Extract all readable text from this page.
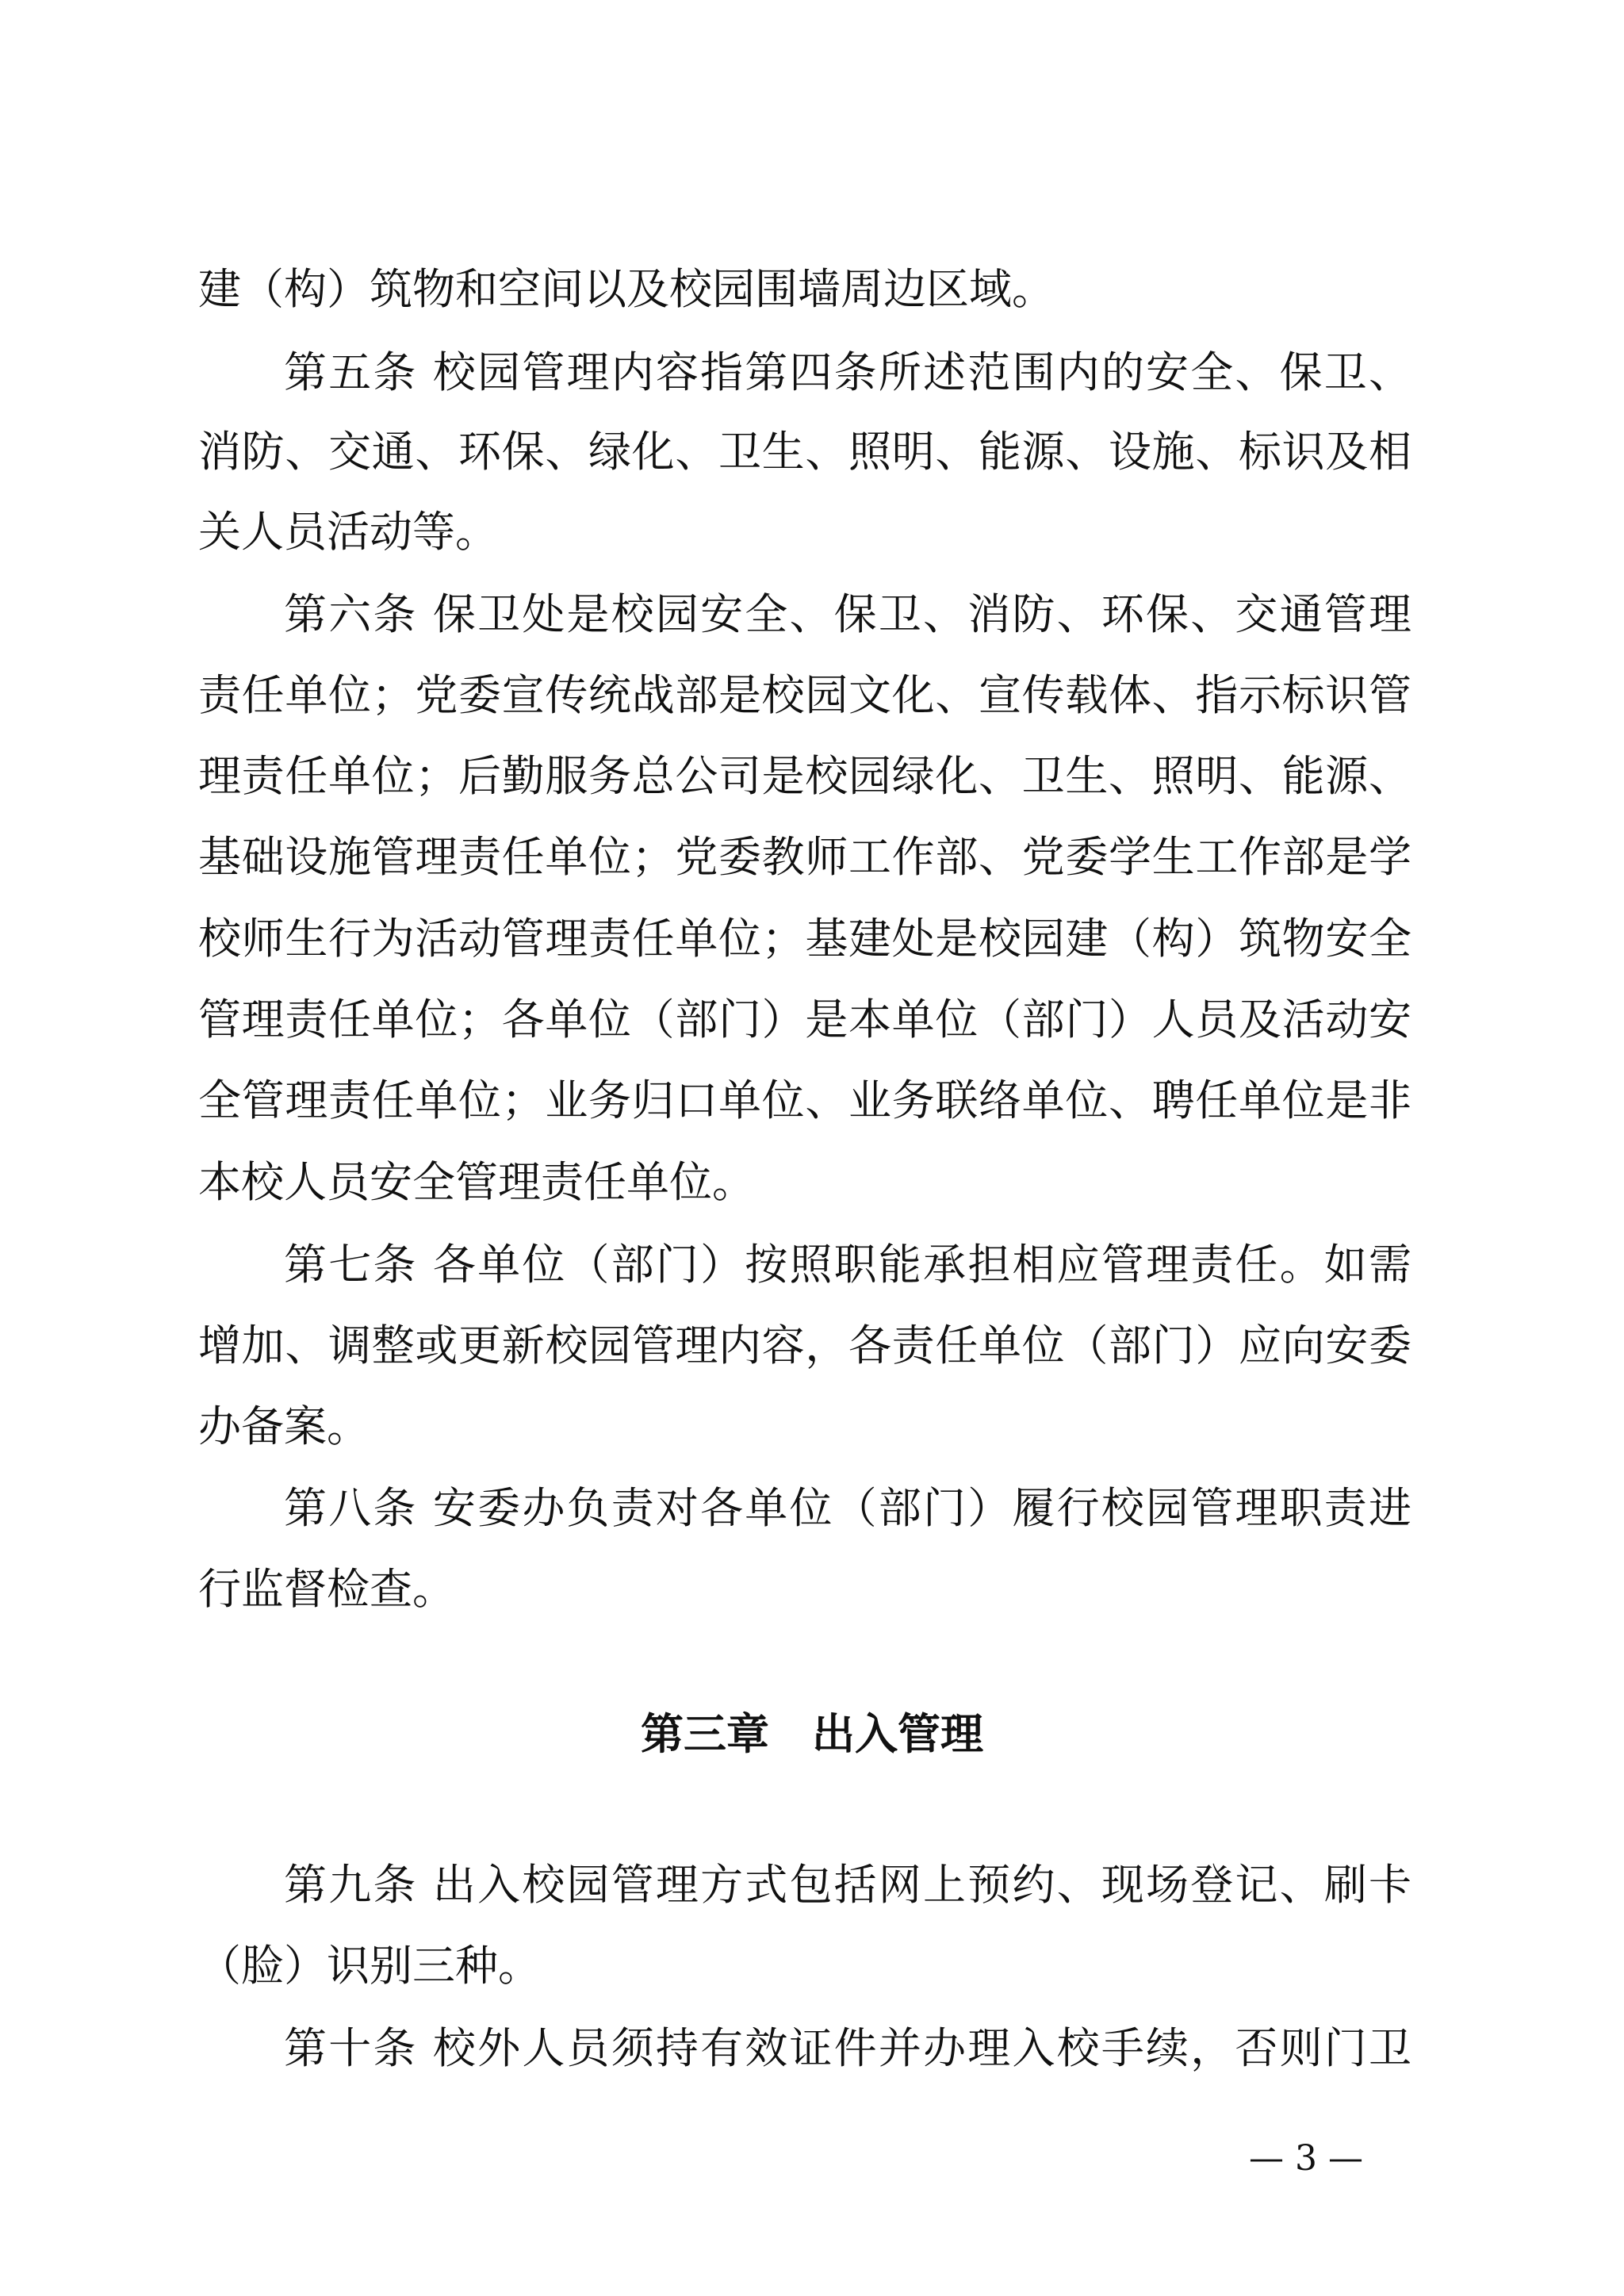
建（构）筑物和空间以及校园围墙周边区域。
第五条 校园管理内容指第四条所述范围内的安全、保卫、
消防、交通、环保、绿化、卫生、照明、能源、设施、标识及相
关人员活动等。
第六条 保卫处是校园安全、保卫、消防、环保、交通管理
责任单位；党委宣传统战部是校园文化、宣传载体、指示标识管
理责任单位；后勤服务总公司是校园绿化、卫生、照明、能源、
基础设施管理责任单位；党委教师工作部、党委学生工作部是学
校师生行为活动管理责任单位；基建处是校园建（构）筑物安全
管理责任单位；各单位（部门）是本单位（部门）人员及活动安
全管理责任单位；业务归口单位、业务联络单位、聘任单位是非
本校人员安全管理责任单位。
第七条 各单位（部门）按照职能承担相应管理责任。如需
增加、调整或更新校园管理内容，各责任单位（部门）应向安委
办备案。
第八条 安委办负责对各单位（部门）履行校园管理职责进
行监督检查。
第三章 出入管理
第九条 出入校园管理方式包括网上预约、现场登记、刷卡
（脸）识别三种。
第十条 校外人员须持有效证件并办理入校手续，否则门卫
— 3 —
